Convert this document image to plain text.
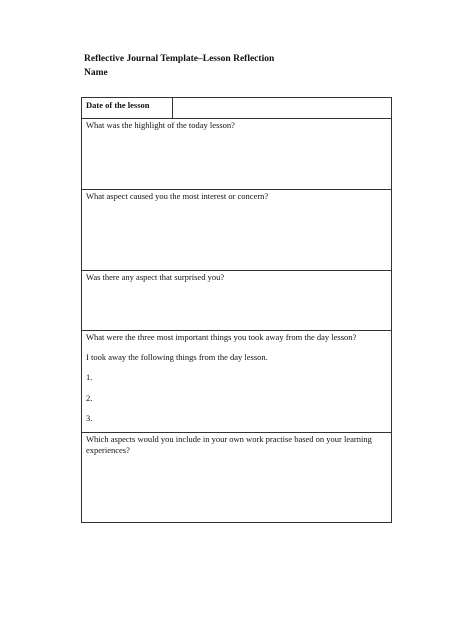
Reflective Journal Template–Lesson Reflection
Name
Date of the lesson
What was the highlight of the today lesson?
What aspect caused you the most interest or concern?
Was there any aspect that surprised you?
What were the three most important things you took away from the day lesson?
I took away the following things from the day lesson.
1.
2.
3.
Which aspects would you include in your own work practise based on your learning experiences?
